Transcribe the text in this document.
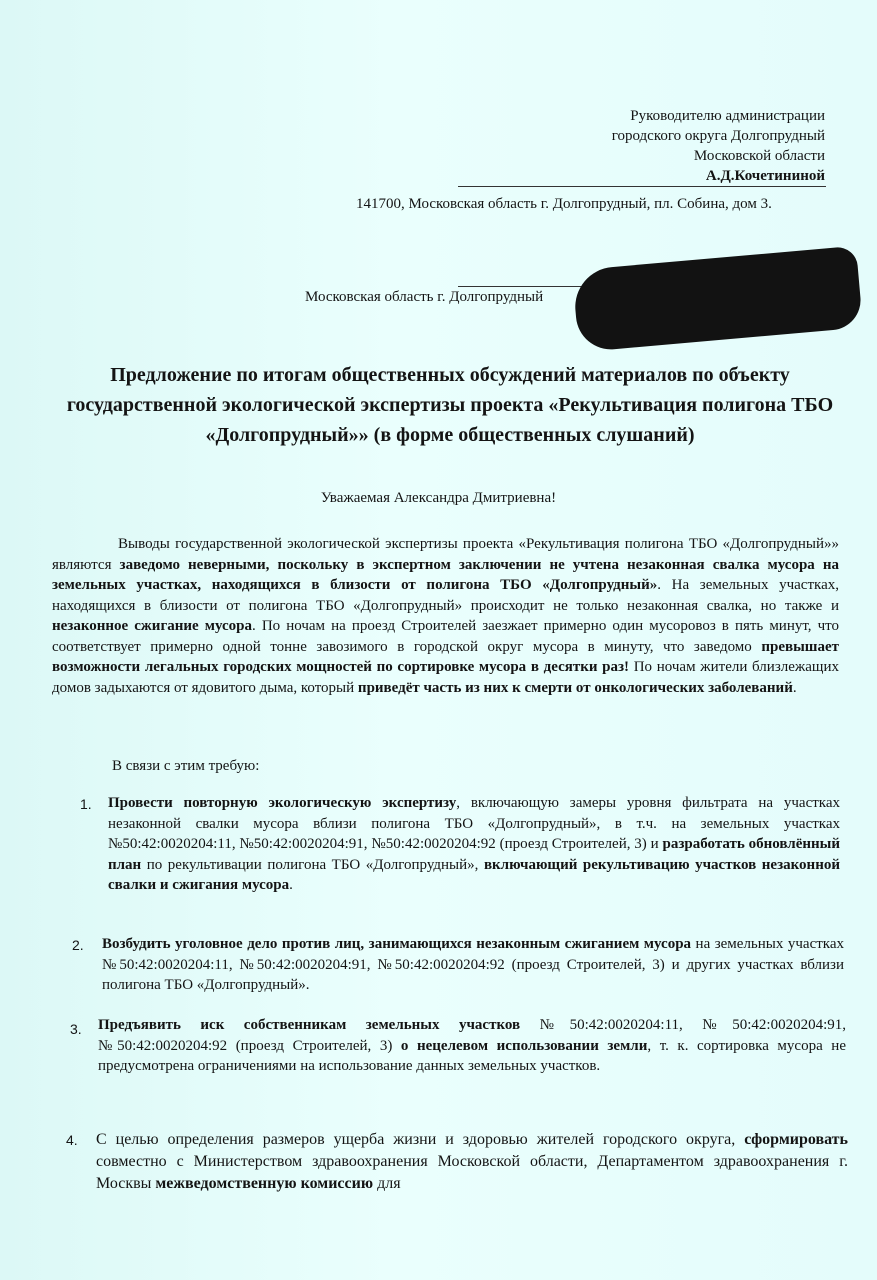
Руководителю администрации
городского округа Долгопрудный
Московской области
А.Д.Кочетининой
141700, Московская область г. Долгопрудный, пл. Собина, дом 3.
Московская область г. Долгопрудный
Предложение по итогам общественных обсуждений материалов по объекту государственной экологической экспертизы проекта «Рекультивация полигона ТБО «Долгопрудный»» (в форме общественных слушаний)
Уважаемая Александра Дмитриевна!
Выводы государственной экологической экспертизы проекта «Рекультивация полигона ТБО «Долгопрудный»» являются заведомо неверными, поскольку в экспертном заключении не учтена незаконная свалка мусора на земельных участках, находящихся в близости от полигона ТБО «Долгопрудный». На земельных участках, находящихся в близости от полигона ТБО «Долгопрудный» происходит не только незаконная свалка, но также и незаконное сжигание мусора. По ночам на проезд Строителей заезжает примерно один мусоровоз в пять минут, что соответствует примерно одной тонне завозимого в городской округ мусора в минуту, что заведомо превышает возможности легальных городских мощностей по сортировке мусора в десятки раз! По ночам жители близлежащих домов задыхаются от ядовитого дыма, который приведёт часть из них к смерти от онкологических заболеваний.
В связи с этим требую:
1. Провести повторную экологическую экспертизу, включающую замеры уровня фильтрата на участках незаконной свалки мусора вблизи полигона ТБО «Долгопрудный», в т.ч. на земельных участках №50:42:0020204:11, №50:42:0020204:91, №50:42:0020204:92 (проезд Строителей, 3) и разработать обновлённый план по рекультивации полигона ТБО «Долгопрудный», включающий рекультивацию участков незаконной свалки и сжигания мусора.
2. Возбудить уголовное дело против лиц, занимающихся незаконным сжиганием мусора на земельных участках №50:42:0020204:11, №50:42:0020204:91, №50:42:0020204:92 (проезд Строителей, 3) и других участках вблизи полигона ТБО «Долгопрудный».
3. Предъявить иск собственникам земельных участков №50:42:0020204:11, №50:42:0020204:91, №50:42:0020204:92 (проезд Строителей, 3) о нецелевом использовании земли, т. к. сортировка мусора не предусмотрена ограничениями на использование данных земельных участков.
4. С целью определения размеров ущерба жизни и здоровью жителей городского округа, сформировать совместно с Министерством здравоохранения Московской области, Департаментом здравоохранения г. Москвы межведомственную комиссию для
